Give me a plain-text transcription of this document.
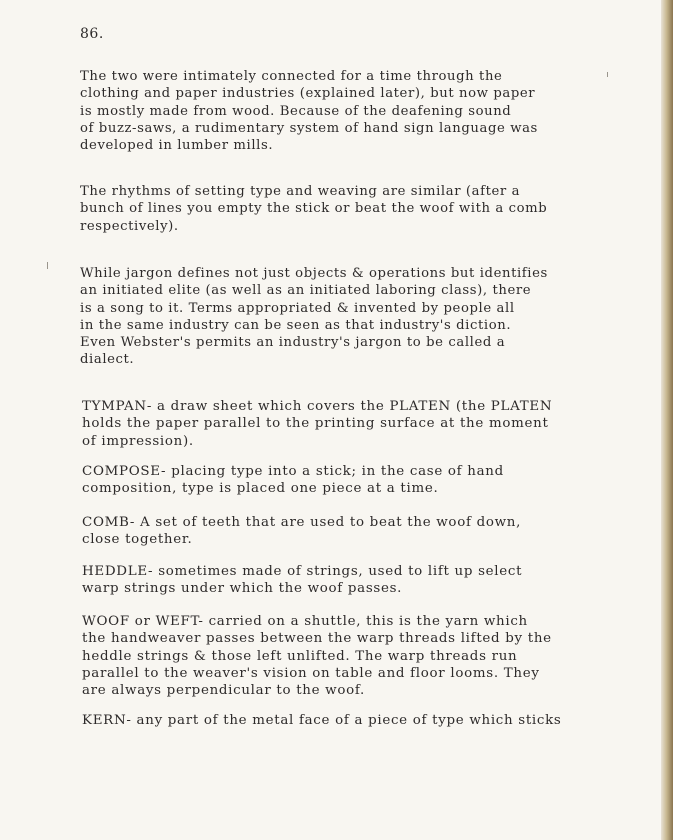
86.

The two were intimately connected for a time through the
clothing and paper industries (explained later), but now paper
is mostly made from wood. Because of the deafening sound
of buzz-saws, a rudimentary system of hand sign language was
developed in lumber mills.

The rhythms of setting type and weaving are similar (after a
bunch of lines you empty the stick or beat the woof with a comb
respectively).

While jargon defines not just objects & operations but identifies
an initiated elite (as well as an initiated laboring class), there
is a song to it. Terms appropriated & invented by people all
in the same industry can be seen as that industry's diction.
Even Webster's permits an industry's jargon to be called a
dialect.

TYMPAN- a draw sheet which covers the PLATEN (the PLATEN
holds the paper parallel to the printing surface at the moment
of impression).

COMPOSE- placing type into a stick; in the case of hand
composition, type is placed one piece at a time.

COMB- A set of teeth that are used to beat the woof down,
close together.

HEDDLE- sometimes made of strings, used to lift up select
warp strings under which the woof passes.

WOOF or WEFT- carried on a shuttle, this is the yarn which
the handweaver passes between the warp threads lifted by the
heddle strings & those left unlifted. The warp threads run
parallel to the weaver's vision on table and floor looms. They
are always perpendicular to the woof.

KERN- any part of the metal face of a piece of type which sticks
